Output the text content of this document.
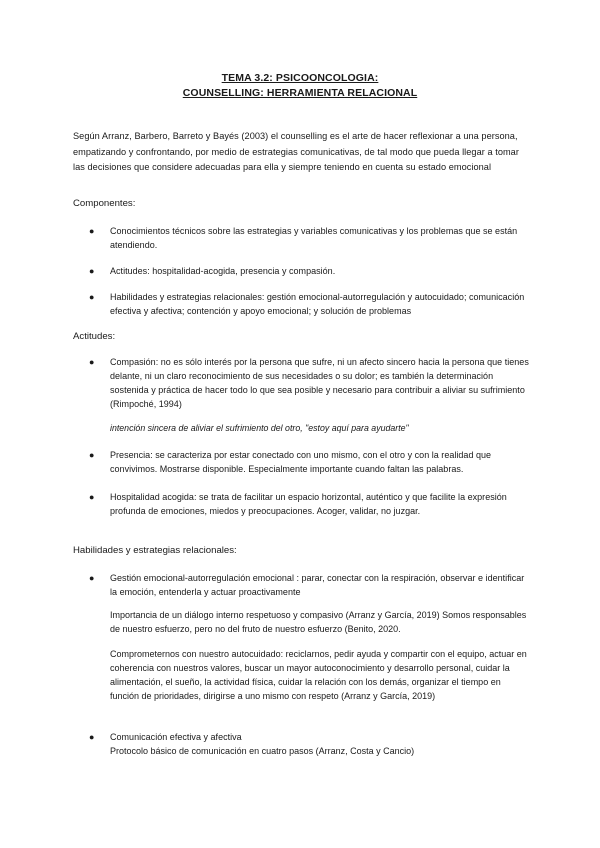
TEMA 3.2: PSICOONCOLOGIA:
COUNSELLING: HERRAMIENTA RELACIONAL
Según Arranz, Barbero, Barreto y Bayés (2003) el counselling es el arte de hacer reflexionar a una persona, empatizando y confrontando, por medio de estrategias comunicativas, de tal modo que pueda llegar a tomar las decisiones que considere adecuadas para ella y siempre teniendo en cuenta su estado emocional
Componentes:
● Conocimientos técnicos sobre las estrategias y variables comunicativas y los problemas que se están atendiendo.
● Actitudes: hospitalidad-acogida, presencia y compasión.
● Habilidades y estrategias relacionales: gestión emocional-autorregulación y autocuidado; comunicación efectiva y afectiva; contención y apoyo emocional; y solución de problemas
Actitudes:
● Compasión: no es sólo interés por la persona que sufre, ni un afecto sincero hacia la persona que tienes delante, ni un claro reconocimiento de sus necesidades o su dolor; es también la determinación sostenida y práctica de hacer todo lo que sea posible y necesario para contribuir a aliviar su sufrimiento (Rimpoché, 1994)
intención sincera de aliviar el sufrimiento del otro, "estoy aquí para ayudarte"
● Presencia: se caracteriza por estar conectado con uno mismo, con el otro y con la realidad que convivimos. Mostrarse disponible. Especialmente importante cuando faltan las palabras.
● Hospitalidad acogida: se trata de facilitar un espacio horizontal, auténtico y que facilite la expresión profunda de emociones, miedos y preocupaciones. Acoger, validar, no juzgar.
Habilidades y estrategias relacionales:
● Gestión emocional-autorregulación emocional : parar, conectar con la respiración, observar e identificar la emoción, entenderla y actuar proactivamente
Importancia de un diálogo interno respetuoso y compasivo (Arranz y García, 2019) Somos responsables de nuestro esfuerzo, pero no del fruto de nuestro esfuerzo (Benito, 2020.
Comprometernos con nuestro autocuidado: reciclarnos, pedir ayuda y compartir con el equipo, actuar en coherencia con nuestros valores, buscar un mayor autoconocimiento y desarrollo personal, cuidar la alimentación, el sueño, la actividad física, cuidar la relación con los demás, organizar el tiempo en función de prioridades, dirigirse a uno mismo con respeto (Arranz y García, 2019)
● Comunicación efectiva y afectiva
Protocolo básico de comunicación en cuatro pasos (Arranz, Costa y Cancio)
